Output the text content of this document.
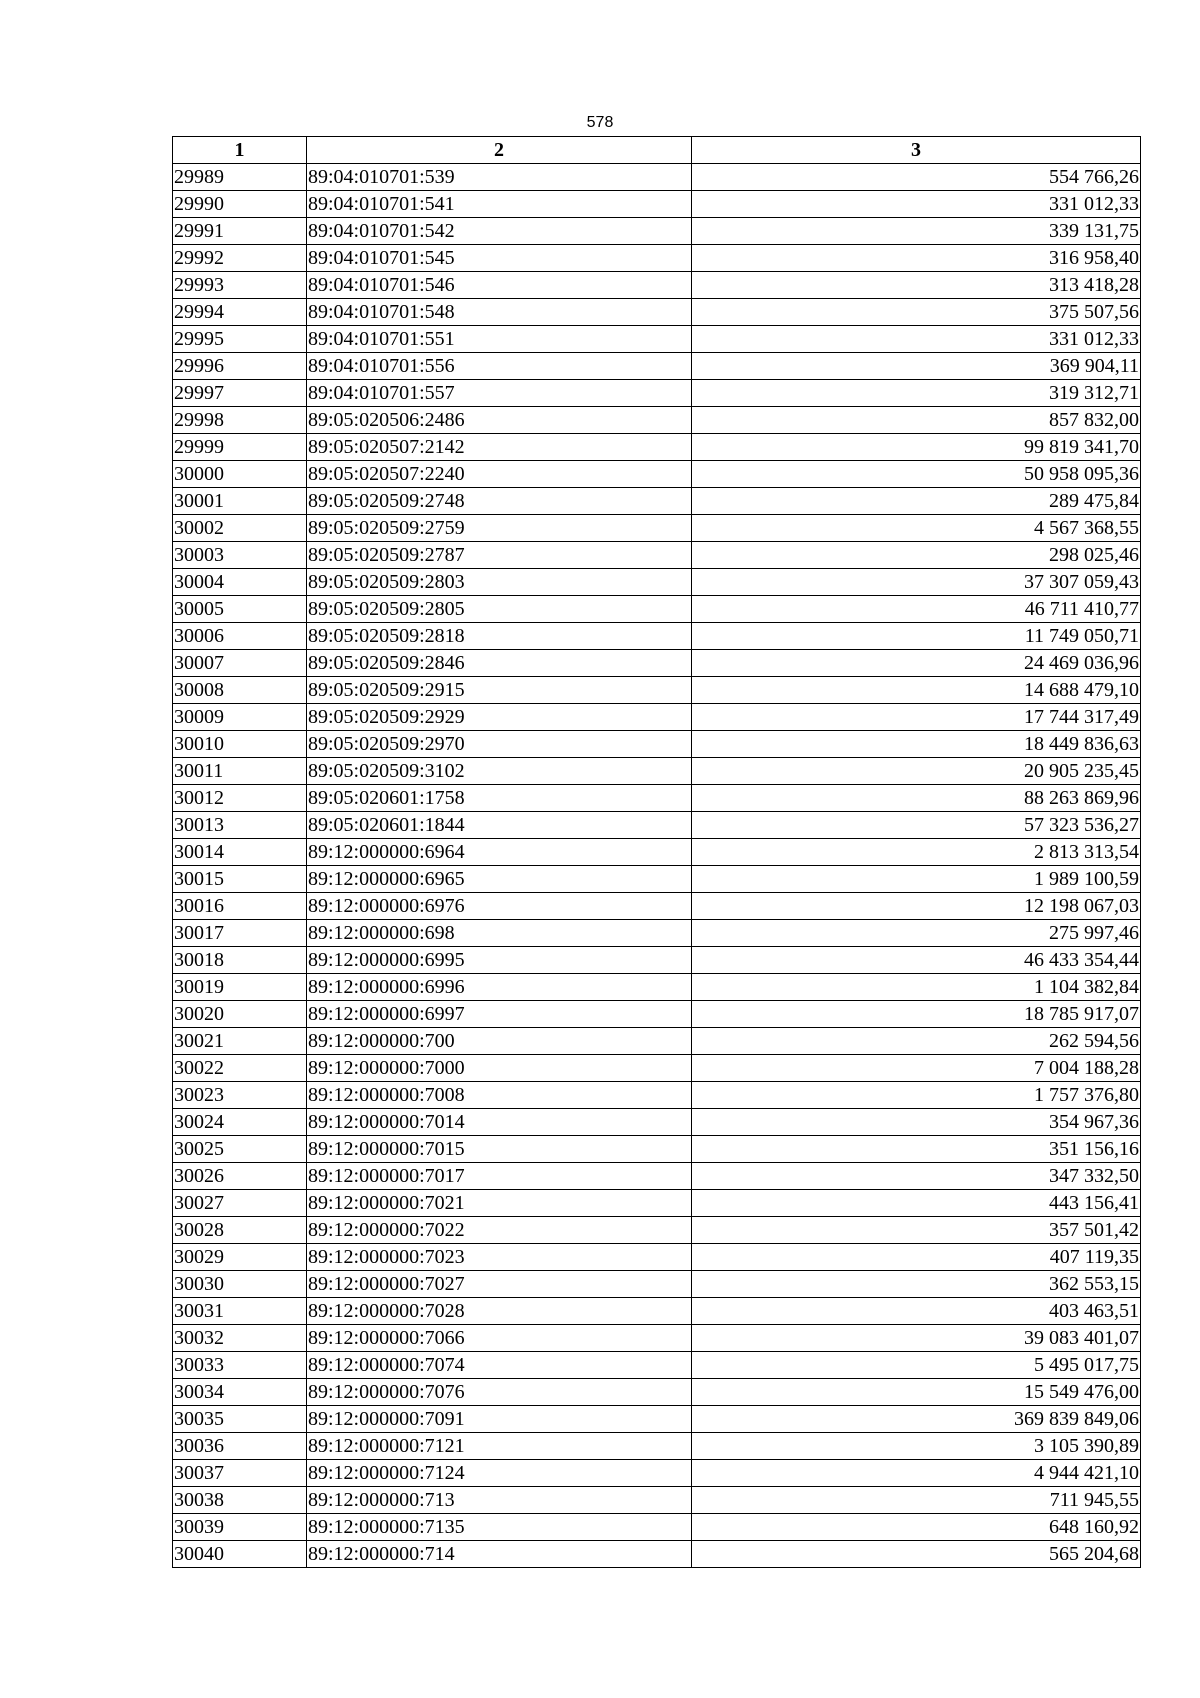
578
1	2	3
29989	89:04:010701:539	554 766,26
29990	89:04:010701:541	331 012,33
29991	89:04:010701:542	339 131,75
29992	89:04:010701:545	316 958,40
29993	89:04:010701:546	313 418,28
29994	89:04:010701:548	375 507,56
29995	89:04:010701:551	331 012,33
29996	89:04:010701:556	369 904,11
29997	89:04:010701:557	319 312,71
29998	89:05:020506:2486	857 832,00
29999	89:05:020507:2142	99 819 341,70
30000	89:05:020507:2240	50 958 095,36
30001	89:05:020509:2748	289 475,84
30002	89:05:020509:2759	4 567 368,55
30003	89:05:020509:2787	298 025,46
30004	89:05:020509:2803	37 307 059,43
30005	89:05:020509:2805	46 711 410,77
30006	89:05:020509:2818	11 749 050,71
30007	89:05:020509:2846	24 469 036,96
30008	89:05:020509:2915	14 688 479,10
30009	89:05:020509:2929	17 744 317,49
30010	89:05:020509:2970	18 449 836,63
30011	89:05:020509:3102	20 905 235,45
30012	89:05:020601:1758	88 263 869,96
30013	89:05:020601:1844	57 323 536,27
30014	89:12:000000:6964	2 813 313,54
30015	89:12:000000:6965	1 989 100,59
30016	89:12:000000:6976	12 198 067,03
30017	89:12:000000:698	275 997,46
30018	89:12:000000:6995	46 433 354,44
30019	89:12:000000:6996	1 104 382,84
30020	89:12:000000:6997	18 785 917,07
30021	89:12:000000:700	262 594,56
30022	89:12:000000:7000	7 004 188,28
30023	89:12:000000:7008	1 757 376,80
30024	89:12:000000:7014	354 967,36
30025	89:12:000000:7015	351 156,16
30026	89:12:000000:7017	347 332,50
30027	89:12:000000:7021	443 156,41
30028	89:12:000000:7022	357 501,42
30029	89:12:000000:7023	407 119,35
30030	89:12:000000:7027	362 553,15
30031	89:12:000000:7028	403 463,51
30032	89:12:000000:7066	39 083 401,07
30033	89:12:000000:7074	5 495 017,75
30034	89:12:000000:7076	15 549 476,00
30035	89:12:000000:7091	369 839 849,06
30036	89:12:000000:7121	3 105 390,89
30037	89:12:000000:7124	4 944 421,10
30038	89:12:000000:713	711 945,55
30039	89:12:000000:7135	648 160,92
30040	89:12:000000:714	565 204,68
